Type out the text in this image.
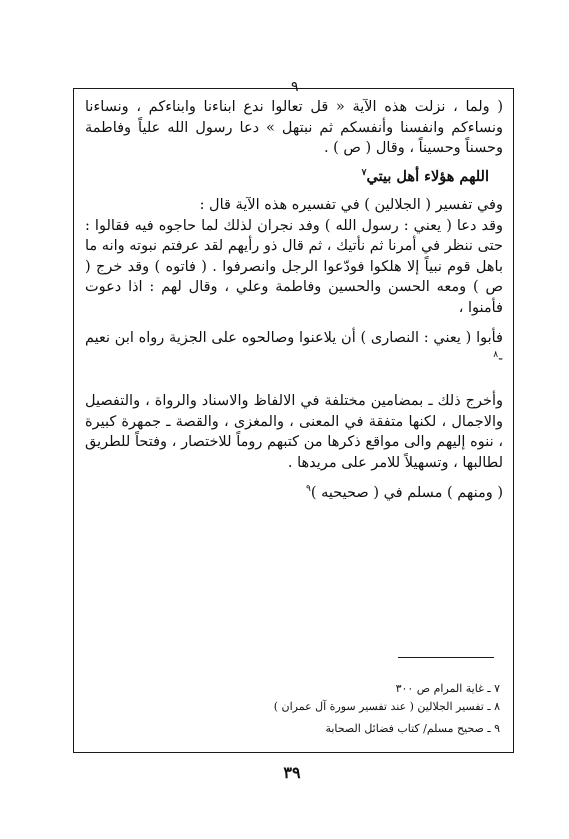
٩

( ولما ، نزلت هذه الآية « قل تعالوا ندع ابناءنا وابناءكم ، ونساءنا ونساءكم وانفسنا وأنفسكم ثم نبتهل » دعا رسول الله علياً وفاطمة وحسناً وحسيناً ، وقال ( ص ) .

اللهم هؤلاء أهل بيتي$^٧$

وفي تفسير ( الجلالين ) في تفسيره هذه الآية قال :

وقد دعا ( يعني : رسول الله ) وفد نجران لذلك لما حاجوه فيه فقالوا : حتى ننظر في أمرنا ثم نأتيك ، ثم قال ذو رأيهم لقد عرفتم نبوته وانه ما باهل قوم نبياً إلا هلكوا فودّعوا الرجل وانصرفوا . ( فاتوه ) وقد خرج ( ص ) ومعه الحسن والحسين وفاطمة وعلي ، وقال لهم : اذا دعوت فأمنوا ،

فأبوا ( يعني : النصارى ) أن يلاعنوا وصالحوه على الجزية رواه ابن نعيم -$^٨$

وأخرج ذلك ـ بمضامين مختلفة في الالفاظ والاسناد والرواة ، والتفصيل والاجمال ، لكنها متفقة في المعنى ، والمغزى ، والقصة ـ جمهرة كبيرة ، ننوه إليهم والى مواقع ذكرها من كتبهم روماً للاختصار ، وفتحاً للطريق لطالبها ، وتسهيلاً للامر على مريدها .

( ومنهم ) مسلم في ( صحيحيه )$^٩$

٧ ـ غاية المرام ص ٣٠٠
٨ ـ تفسير الجلالين ( عند تفسير سورة آل عمران )
٩ ـ صحيح مسلم/ كتاب فضائل الصحابة
٣٩
